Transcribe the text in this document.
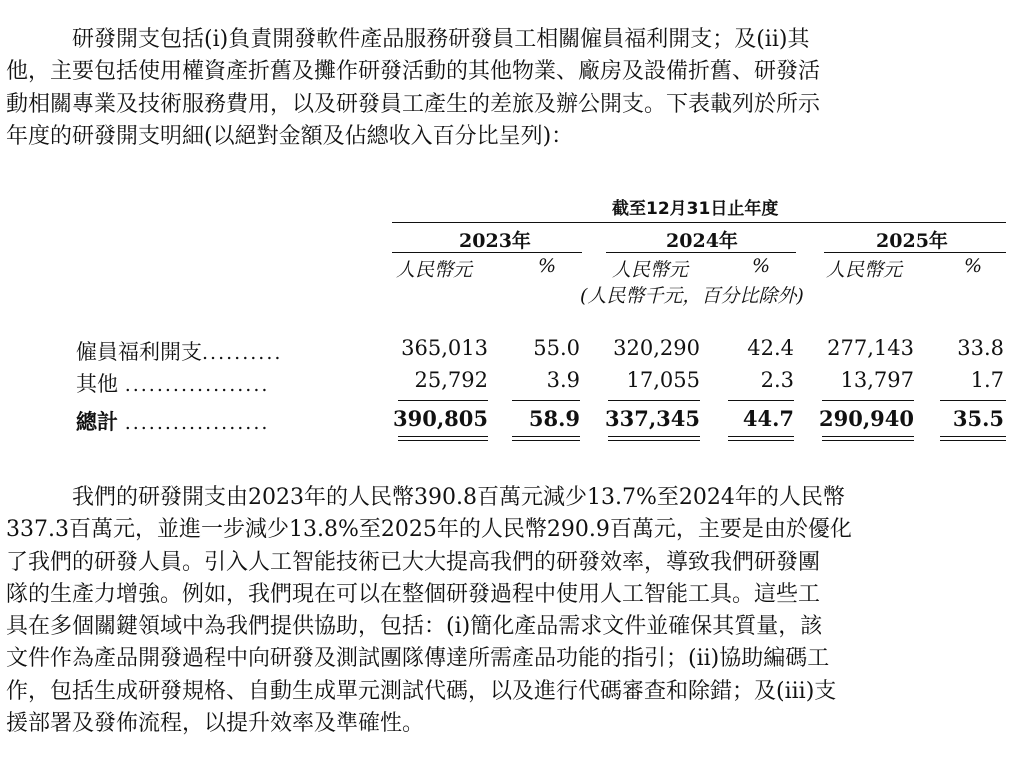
研發開支包括(i)負責開發軟件產品服務研發員工相關僱員福利開支；及(ii)其
他，主要包括使用權資產折舊及攤作研發活動的其他物業、廠房及設備折舊、研發活
動相關專業及技術服務費用，以及研發員工產生的差旅及辦公開支。下表載列於所示
年度的研發開支明細(以絕對金額及佔總收入百分比呈列)：

截至12月31日止年度
2023年	2024年	2025年
人民幣元	%	人民幣元	%	人民幣元	%
(人民幣千元，百分比除外)
僱員福利開支..........	365,013	55.0	320,290	42.4	277,143	33.8
其他 ..................	25,792	3.9	17,055	2.3	13,797	1.7
總計 ..................	390,805	58.9	337,345	44.7	290,940	35.5

我們的研發開支由2023年的人民幣390.8百萬元減少13.7%至2024年的人民幣
337.3百萬元，並進一步減少13.8%至2025年的人民幣290.9百萬元，主要是由於優化
了我們的研發人員。引入人工智能技術已大大提高我們的研發效率，導致我們研發團
隊的生產力增強。例如，我們現在可以在整個研發過程中使用人工智能工具。這些工
具在多個關鍵領域中為我們提供協助，包括：(i)簡化產品需求文件並確保其質量，該
文件作為產品開發過程中向研發及測試團隊傳達所需產品功能的指引；(ii)協助編碼工
作，包括生成研發規格、自動生成單元測試代碼，以及進行代碼審查和除錯；及(iii)支
援部署及發佈流程，以提升效率及準確性。
